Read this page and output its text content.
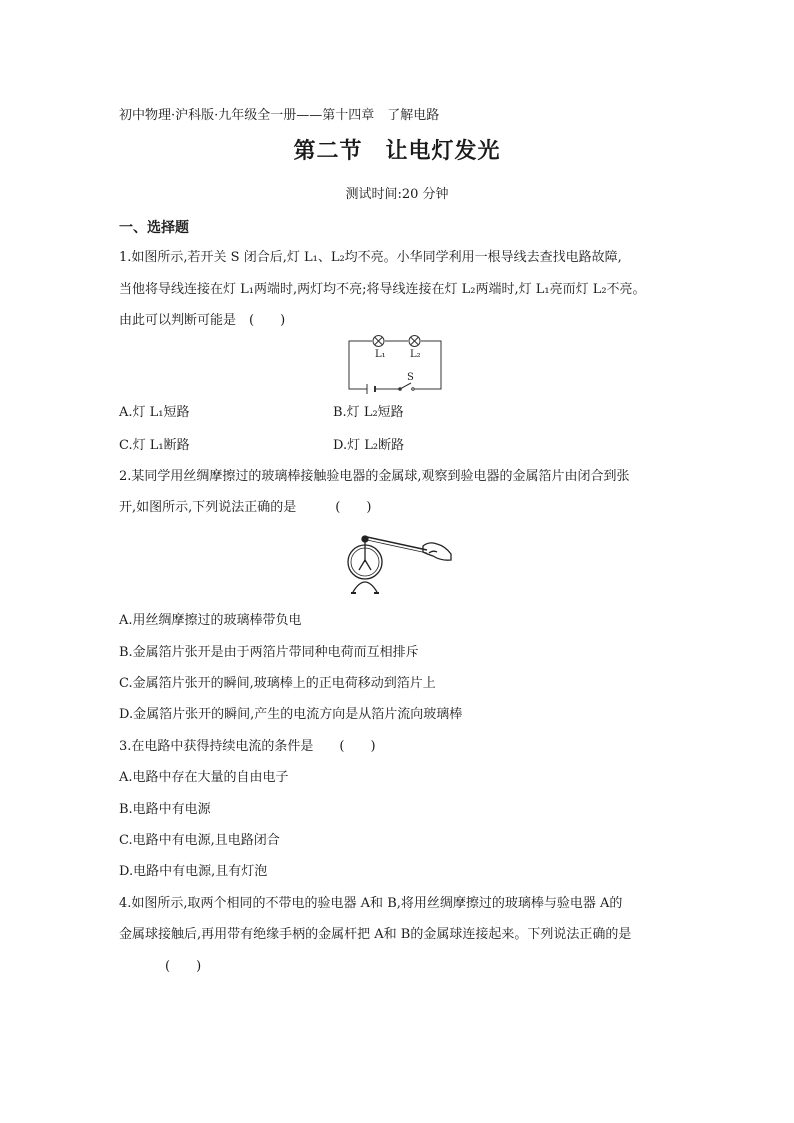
初中物理·沪科版·九年级全一册——第十四章　了解电路
第二节　让电灯发光
测试时间:20 分钟
一、选择题
1.如图所示,若开关 S 闭合后,灯 L₁、L₂均不亮。小华同学利用一根导线去查找电路故障,
当他将导线连接在灯 L₁两端时,两灯均不亮;将导线连接在灯 L₂两端时,灯 L₁亮而灯 L₂不亮。
由此可以判断可能是　(　　)
L₁ L₂
S
A.灯 L₁短路	B.灯 L₂短路
C.灯 L₁断路	D.灯 L₂断路
2.某同学用丝绸摩擦过的玻璃棒接触验电器的金属球,观察到验电器的金属箔片由闭合到张
开,如图所示,下列说法正确的是　　　(　　)
A.用丝绸摩擦过的玻璃棒带负电
B.金属箔片张开是由于两箔片带同种电荷而互相排斥
C.金属箔片张开的瞬间,玻璃棒上的正电荷移动到箔片上
D.金属箔片张开的瞬间,产生的电流方向是从箔片流向玻璃棒
3.在电路中获得持续电流的条件是　　(　　)
A.电路中存在大量的自由电子
B.电路中有电源
C.电路中有电源,且电路闭合
D.电路中有电源,且有灯泡
4.如图所示,取两个相同的不带电的验电器 A和 B,将用丝绸摩擦过的玻璃棒与验电器 A的
金属球接触后,再用带有绝缘手柄的金属杆把 A和 B的金属球连接起来。下列说法正确的是
(　　)
